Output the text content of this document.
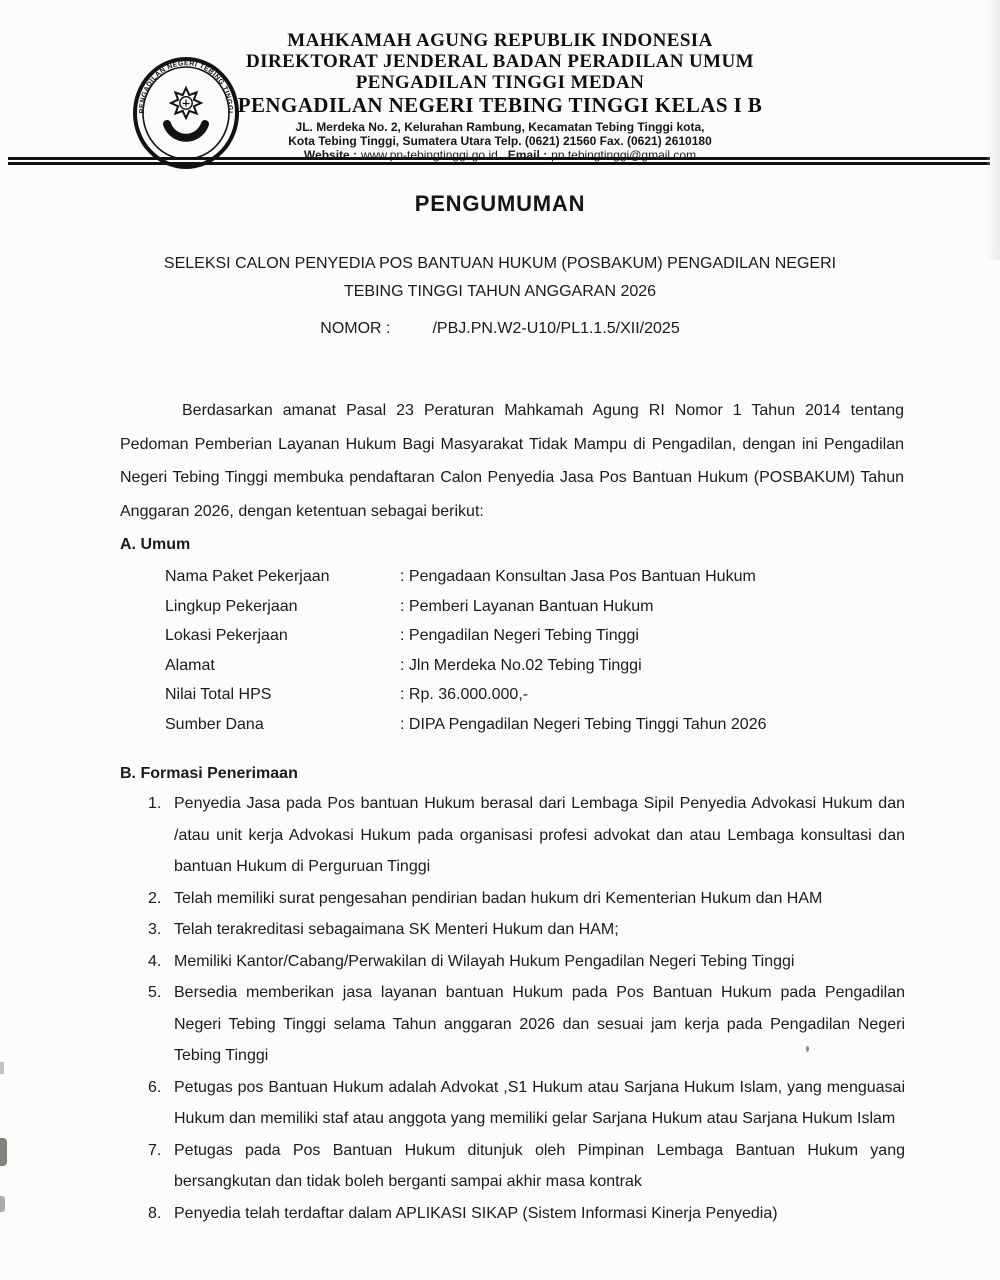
PENGADILAN NEGERI TEBING TINGGI
MAHKAMAH AGUNG REPUBLIK INDONESIA
DIREKTORAT JENDERAL BADAN PERADILAN UMUM
PENGADILAN TINGGI MEDAN
PENGADILAN NEGERI TEBING TINGGI KELAS I B
JL. Merdeka No. 2, Kelurahan Rambung, Kecamatan Tebing Tinggi kota,
Kota Tebing Tinggi, Sumatera Utara Telp. (0621) 21560 Fax. (0621) 2610180
Website : www.pn-tebingtinggi.go.id Email : pn.tebingtinggi@gmail.com
PENGUMUMAN
SELEKSI CALON PENYEDIA POS BANTUAN HUKUM (POSBAKUM) PENGADILAN NEGERI
TEBING TINGGI TAHUN ANGGARAN 2026
NOMOR :	/PBJ.PN.W2-U10/PL1.1.5/XII/2025
Berdasarkan amanat Pasal 23 Peraturan Mahkamah Agung RI Nomor 1 Tahun 2014 tentang Pedoman Pemberian Layanan Hukum Bagi Masyarakat Tidak Mampu di Pengadilan, dengan ini Pengadilan Negeri Tebing Tinggi membuka pendaftaran Calon Penyedia Jasa Pos Bantuan Hukum (POSBAKUM) Tahun Anggaran 2026, dengan ketentuan sebagai berikut:
A. Umum
Nama Paket Pekerjaan	: Pengadaan Konsultan Jasa Pos Bantuan Hukum
Lingkup Pekerjaan	: Pemberi Layanan Bantuan Hukum
Lokasi Pekerjaan	: Pengadilan Negeri Tebing Tinggi
Alamat	: Jln Merdeka No.02 Tebing Tinggi
Nilai Total HPS	: Rp. 36.000.000,-
Sumber Dana	: DIPA Pengadilan Negeri Tebing Tinggi Tahun 2026
B. Formasi Penerimaan
1. Penyedia Jasa pada Pos bantuan Hukum berasal dari Lembaga Sipil Penyedia Advokasi Hukum dan /atau unit kerja Advokasi Hukum pada organisasi profesi advokat dan atau Lembaga konsultasi dan bantuan Hukum di Perguruan Tinggi
2. Telah memiliki surat pengesahan pendirian badan hukum dri Kementerian Hukum dan HAM
3. Telah terakreditasi sebagaimana SK Menteri Hukum dan HAM;
4. Memiliki Kantor/Cabang/Perwakilan di Wilayah Hukum Pengadilan Negeri Tebing Tinggi
5. Bersedia memberikan jasa layanan bantuan Hukum pada Pos Bantuan Hukum pada Pengadilan Negeri Tebing Tinggi selama Tahun anggaran 2026 dan sesuai jam kerja pada Pengadilan Negeri Tebing Tinggi
6. Petugas pos Bantuan Hukum adalah Advokat ,S1 Hukum atau Sarjana Hukum Islam, yang menguasai Hukum dan memiliki staf atau anggota yang memiliki gelar Sarjana Hukum atau Sarjana Hukum Islam
7. Petugas pada Pos Bantuan Hukum ditunjuk oleh Pimpinan Lembaga Bantuan Hukum yang bersangkutan dan tidak boleh berganti sampai akhir masa kontrak
8. Penyedia telah terdaftar dalam APLIKASI SIKAP (Sistem Informasi Kinerja Penyedia)
